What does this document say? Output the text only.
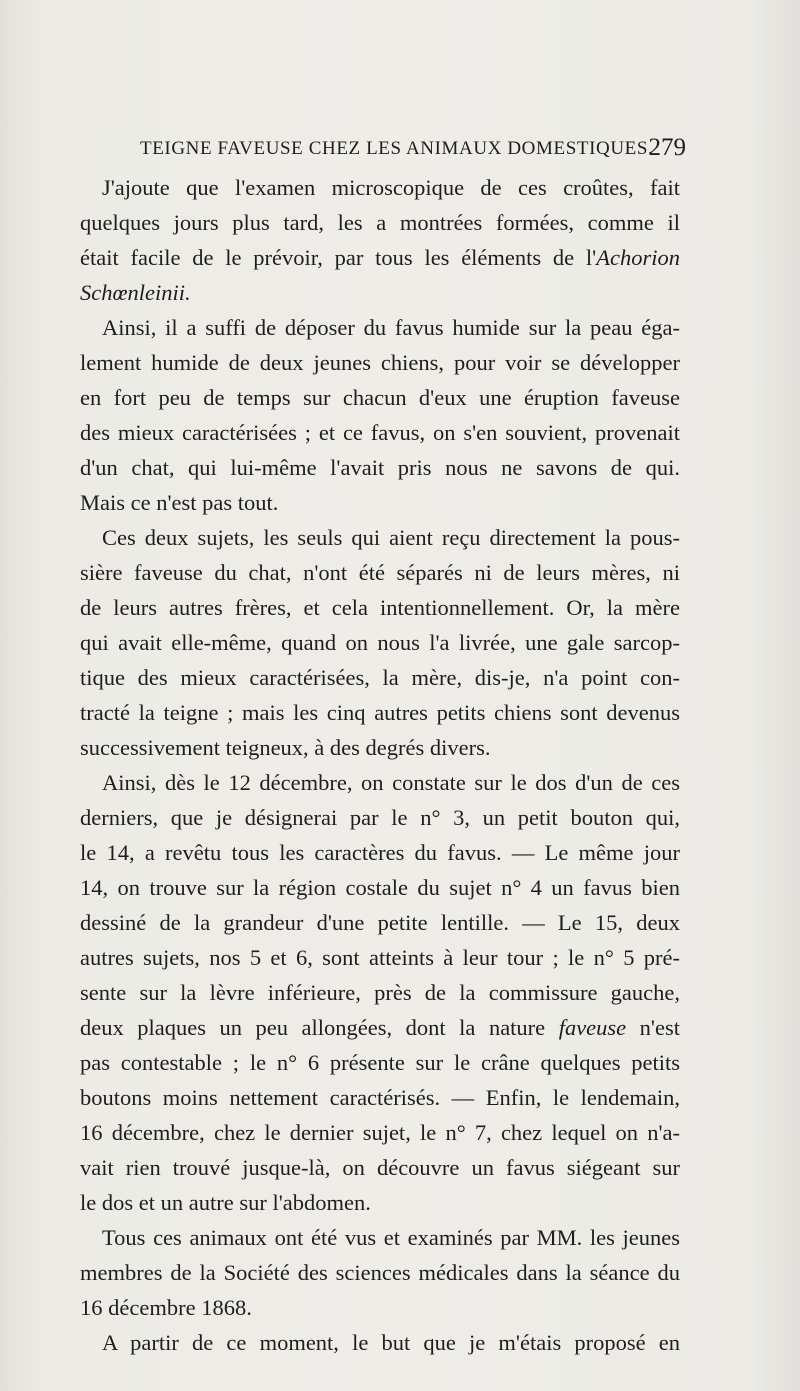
TEIGNE FAVEUSE CHEZ LES ANIMAUX DOMESTIQUES.
279
J'ajoute que l'examen microscopique de ces croûtes, fait
quelques jours plus tard, les a montrées formées, comme il
était facile de le prévoir, par tous les éléments de l'Achorion
Schœnleinii.
Ainsi, il a suffi de déposer du favus humide sur la peau éga-
lement humide de deux jeunes chiens, pour voir se développer
en fort peu de temps sur chacun d'eux une éruption faveuse
des mieux caractérisées ; et ce favus, on s'en souvient, provenait
d'un chat, qui lui-même l'avait pris nous ne savons de qui.
Mais ce n'est pas tout.
Ces deux sujets, les seuls qui aient reçu directement la pous-
sière faveuse du chat, n'ont été séparés ni de leurs mères, ni
de leurs autres frères, et cela intentionnellement. Or, la mère
qui avait elle-même, quand on nous l'a livrée, une gale sarcop-
tique des mieux caractérisées, la mère, dis-je, n'a point con-
tracté la teigne ; mais les cinq autres petits chiens sont devenus
successivement teigneux, à des degrés divers.
Ainsi, dès le 12 décembre, on constate sur le dos d'un de ces
derniers, que je désignerai par le n° 3, un petit bouton qui,
le 14, a revêtu tous les caractères du favus. — Le même jour
14, on trouve sur la région costale du sujet n° 4 un favus bien
dessiné de la grandeur d'une petite lentille. — Le 15, deux
autres sujets, nos 5 et 6, sont atteints à leur tour ; le n° 5 pré-
sente sur la lèvre inférieure, près de la commissure gauche,
deux plaques un peu allongées, dont la nature faveuse n'est
pas contestable ; le n° 6 présente sur le crâne quelques petits
boutons moins nettement caractérisés. — Enfin, le lendemain,
16 décembre, chez le dernier sujet, le n° 7, chez lequel on n'a-
vait rien trouvé jusque-là, on découvre un favus siégeant sur
le dos et un autre sur l'abdomen.
Tous ces animaux ont été vus et examinés par MM. les jeunes
membres de la Société des sciences médicales dans la séance du
16 décembre 1868.
A partir de ce moment, le but que je m'étais proposé en
